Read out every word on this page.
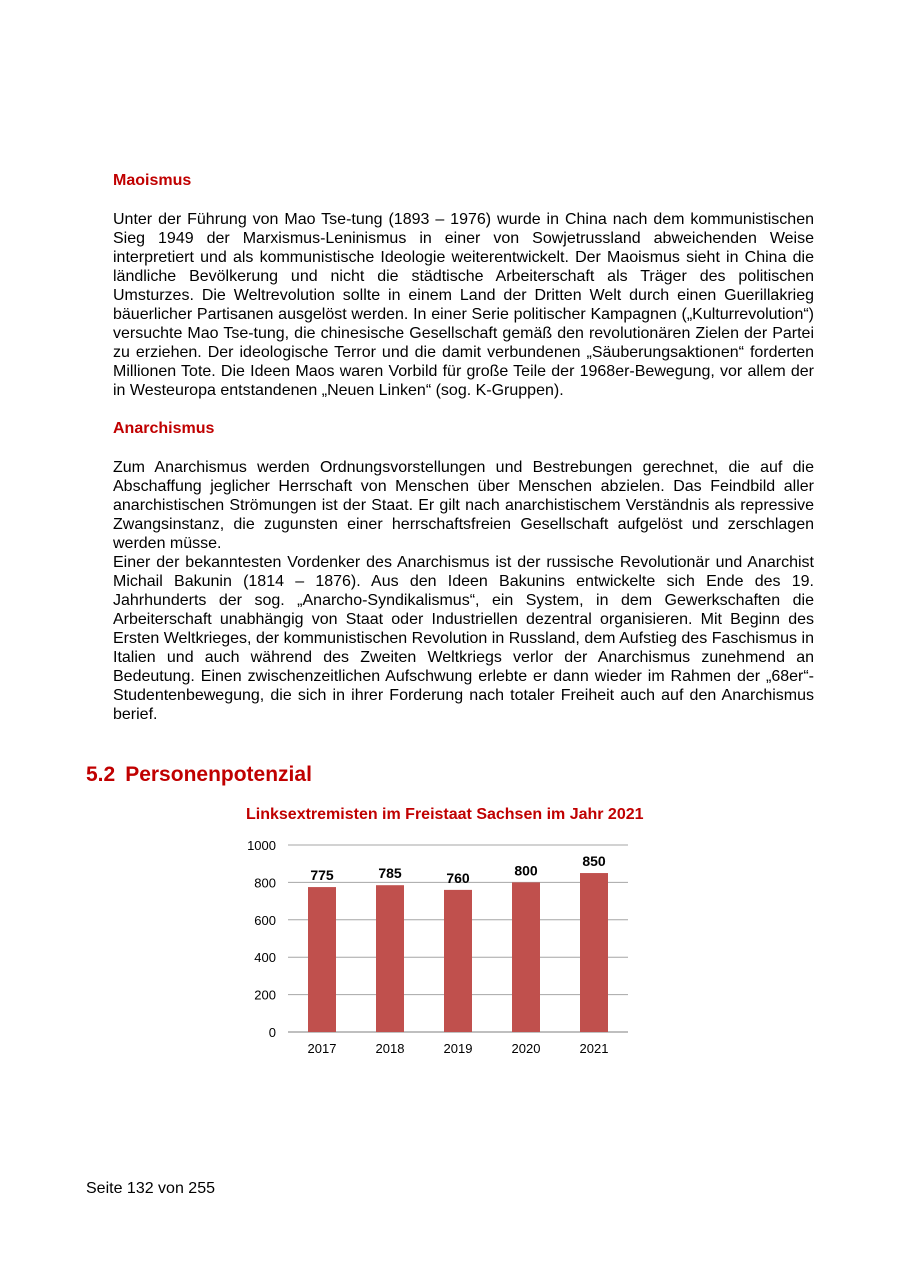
Maoismus

Unter der Führung von Mao Tse-tung (1893 – 1976) wurde in China nach dem kommunistischen Sieg 1949 der Marxismus-Leninismus in einer von Sowjetrussland abweichenden Weise interpretiert und als kommunistische Ideologie weiterentwickelt. Der Maoismus sieht in China die ländliche Bevölkerung und nicht die städtische Arbeiterschaft als Träger des politischen Umsturzes. Die Weltrevolution sollte in einem Land der Dritten Welt durch einen Guerillakrieg bäuerlicher Partisanen ausgelöst werden. In einer Serie politischer Kampagnen („Kulturrevolution“) versuchte Mao Tse-tung, die chinesische Gesellschaft gemäß den revolutionären Zielen der Partei zu erziehen. Der ideologische Terror und die damit verbundenen „Säuberungsaktionen“ forderten Millionen Tote. Die Ideen Maos waren Vorbild für große Teile der 1968er-Bewegung, vor allem der in Westeuropa entstandenen „Neuen Linken“ (sog. K-Gruppen).

Anarchismus

Zum Anarchismus werden Ordnungsvorstellungen und Bestrebungen gerechnet, die auf die Abschaffung jeglicher Herrschaft von Menschen über Menschen abzielen. Das Feindbild aller anarchistischen Strömungen ist der Staat. Er gilt nach anarchistischem Verständnis als repressive Zwangsinstanz, die zugunsten einer herrschaftsfreien Gesellschaft aufgelöst und zerschlagen werden müsse.

Einer der bekanntesten Vordenker des Anarchismus ist der russische Revolutionär und Anarchist Michail Bakunin (1814 – 1876). Aus den Ideen Bakunins entwickelte sich Ende des 19. Jahrhunderts der sog. „Anarcho-Syndikalismus“, ein System, in dem Gewerkschaften die Arbeiterschaft unabhängig von Staat oder Industriellen dezentral organisieren. Mit Beginn des Ersten Weltkrieges, der kommunistischen Revolution in Russland, dem Aufstieg des Faschismus in Italien und auch während des Zweiten Weltkriegs verlor der Anarchismus zunehmend an Bedeutung. Einen zwischenzeitlichen Aufschwung erlebte er dann wieder im Rahmen der „68er“-Studentenbewegung, die sich in ihrer Forderung nach totaler Freiheit auch auf den Anarchismus berief.

5.2 Personenpotenzial
Linksextremisten im Freistaat Sachsen im Jahr 2021
0
200
400
600
800
1000
775
2017
785
2018
760
2019
800
2020
850
2021

Seite 132 von 255
